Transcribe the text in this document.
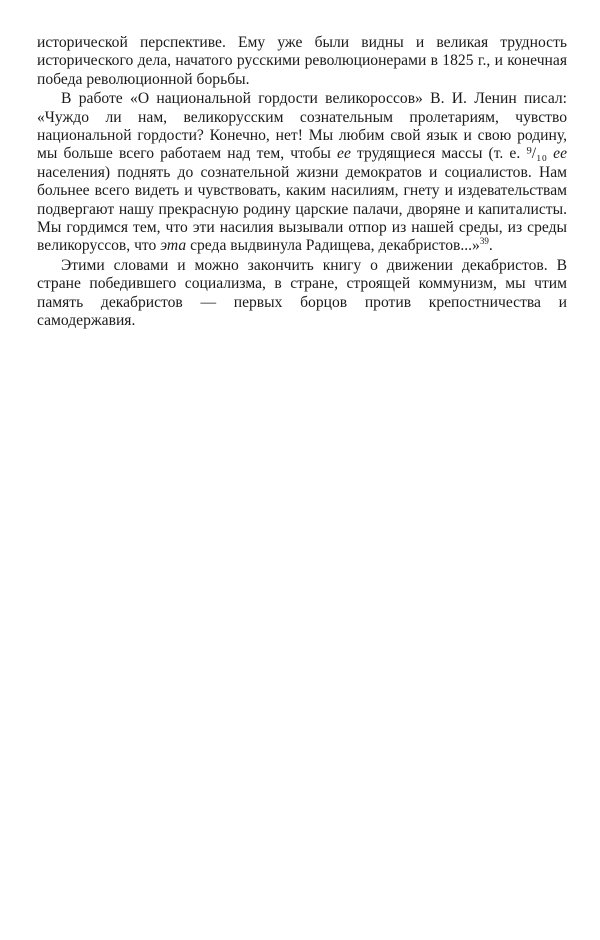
исторической перспективе. Ему уже были видны и великая трудность исторического дела, начатого русскими революционерами в 1825 г., и конечная победа революционной борьбы.

В работе «О национальной гордости великороссов» В. И. Ленин писал: «Чуждо ли нам, великорусским сознательным пролетариям, чувство национальной гордости? Конечно, нет! Мы любим свой язык и свою родину, мы больше всего работаем над тем, чтобы ее трудящиеся массы (т. е. ⁹/₁₀ ее населения) поднять до сознательной жизни демократов и социалистов. Нам больнее всего видеть и чувствовать, каким насилиям, гнету и издевательствам подвергают нашу прекрасную родину царские палачи, дворяне и капиталисты. Мы гордимся тем, что эти насилия вызывали отпор из нашей среды, из среды великоруссов, что эта среда выдвинула Радищева, декабристов...»$^{39}$.

Этими словами и можно закончить книгу о движении декабристов. В стране победившего социализма, в стране, строящей коммунизм, мы чтим память декабристов — первых борцов против крепостничества и самодержавия.
